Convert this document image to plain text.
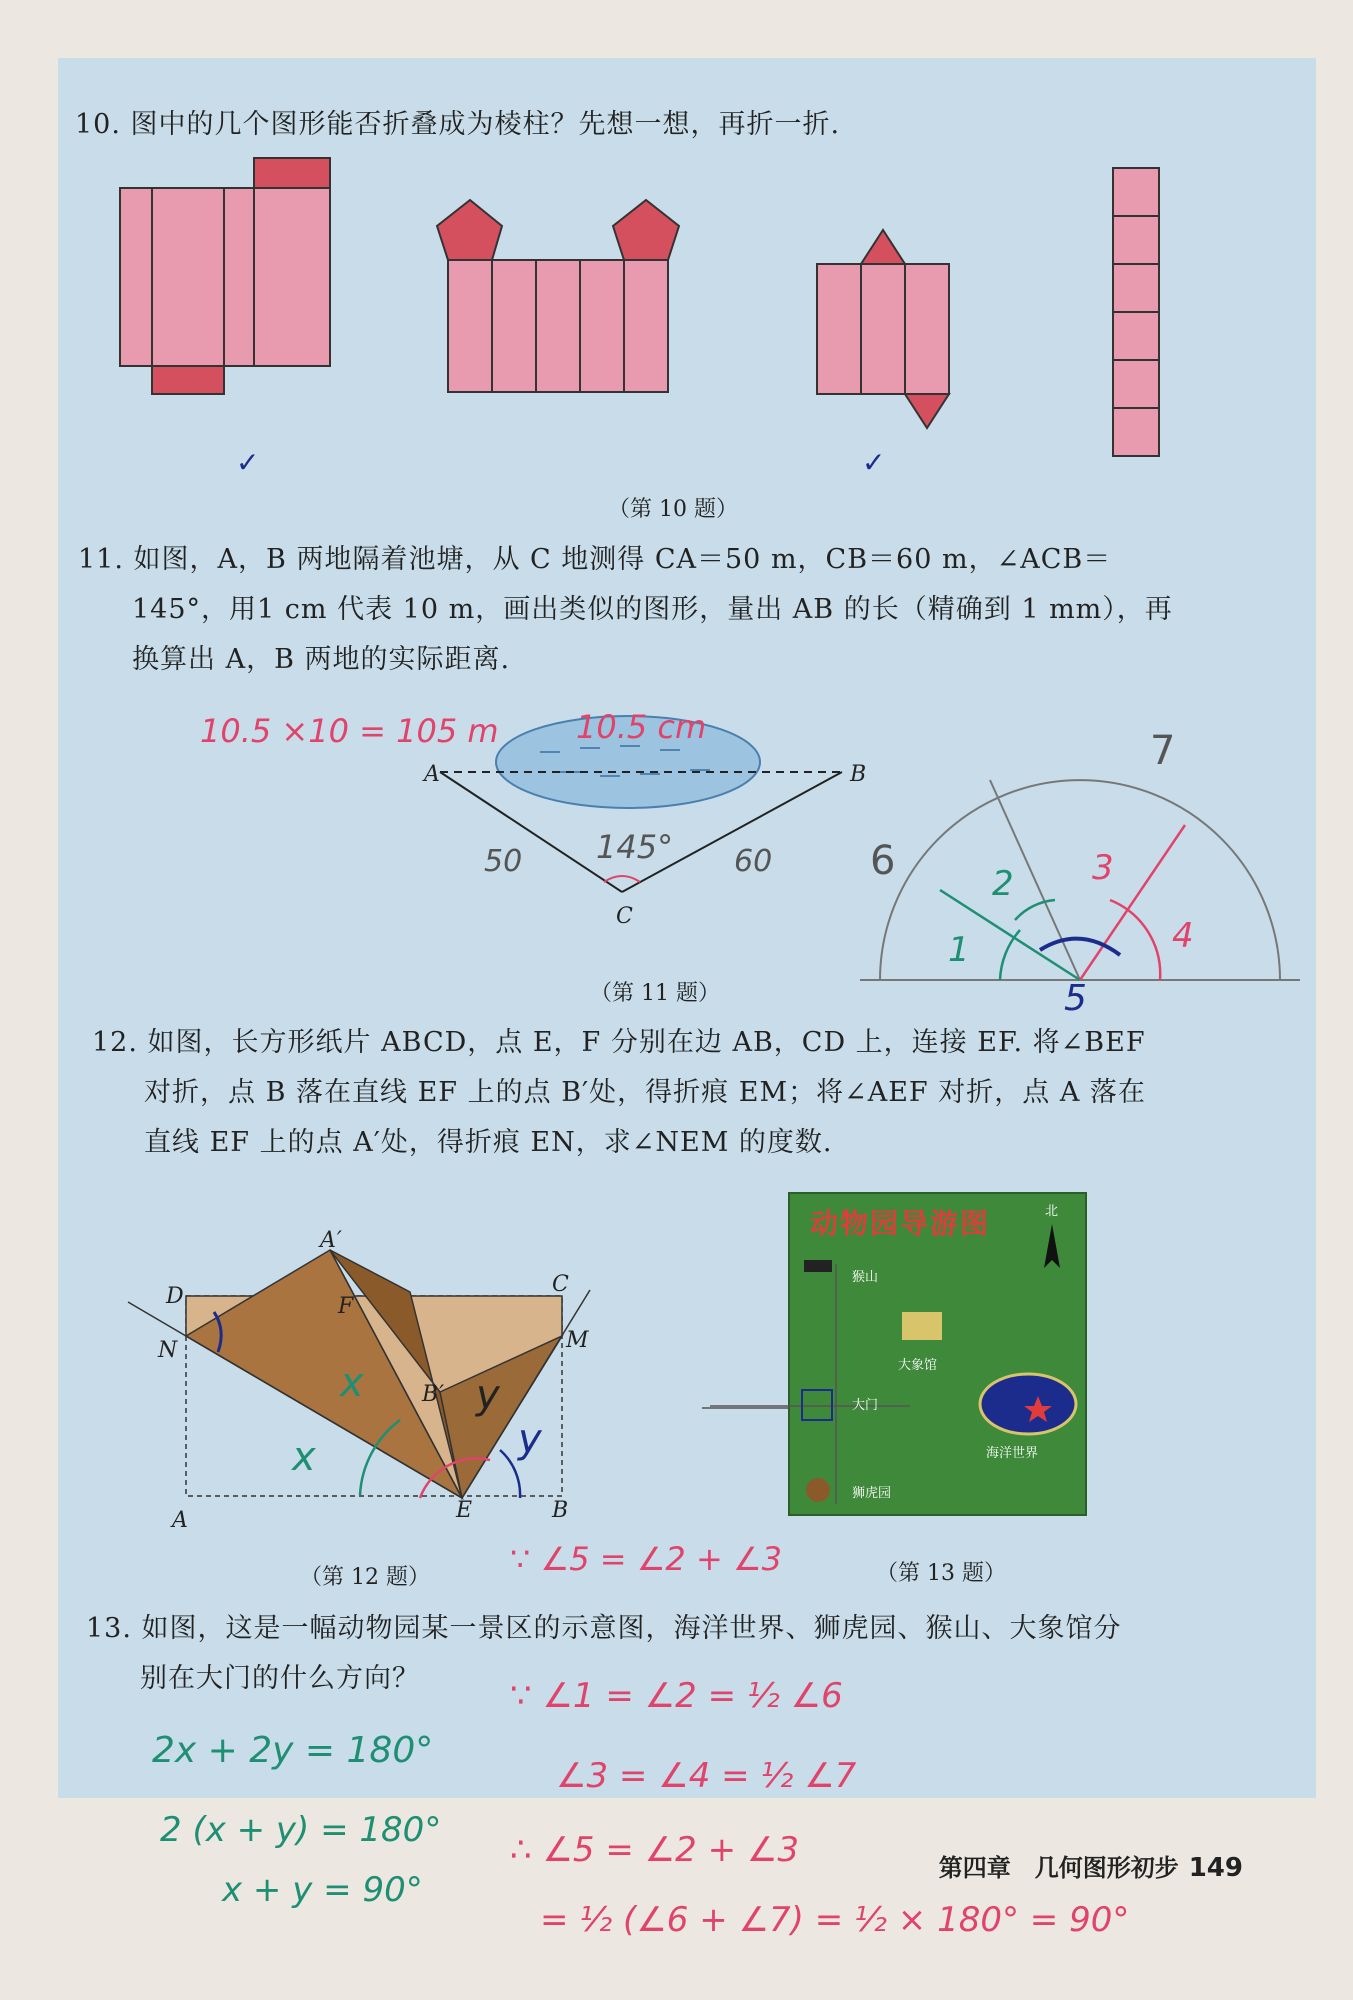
10. 图中的几个图形能否折叠成为棱柱？先想一想，再折一折.
✓	✓
（第 10 题）
11. 如图，A，B 两地隔着池塘，从 C 地测得 CA＝50 m，CB＝60 m，∠ACB＝
145°，用1 cm 代表 10 m，画出类似的图形，量出 AB 的长（精确到 1 mm），再
换算出 A，B 两地的实际距离.
10.5 ×10 = 105 m 10.5 cm
A	B
C
50	60
145°
（第 11 题）
6
7
1
2 3
4
5
12. 如图，长方形纸片 ABCD，点 E，F 分别在边 AB，CD 上，连接 EF. 将∠BEF
对折，点 B 落在直线 EF 上的点 B′处，得折痕 EM；将∠AEF 对折，点 A 落在
直线 EF 上的点 A′处，得折痕 EN，求∠NEM 的度数.
A′
D	C
F
N	M
B′
A	E	B
x
x
y
y
（第 12 题）
动物园导游图	北
猴山
大象馆
大门
海洋世界
狮虎园
（第 13 题）
∵ ∠5 = ∠2 + ∠3
13. 如图，这是一幅动物园某一景区的示意图，海洋世界、狮虎园、猴山、大象馆分
别在大门的什么方向？	∵ ∠1 = ∠2 = ½ ∠6
∠3 = ∠4 = ½ ∠7
∴ ∠5 = ∠2 + ∠3
= ½ (∠6 + ∠7) = ½ × 180° = 90°
2x + 2y = 180°
2 (x + y) = 180°
x + y = 90°
第四章　几何图形初步 149
